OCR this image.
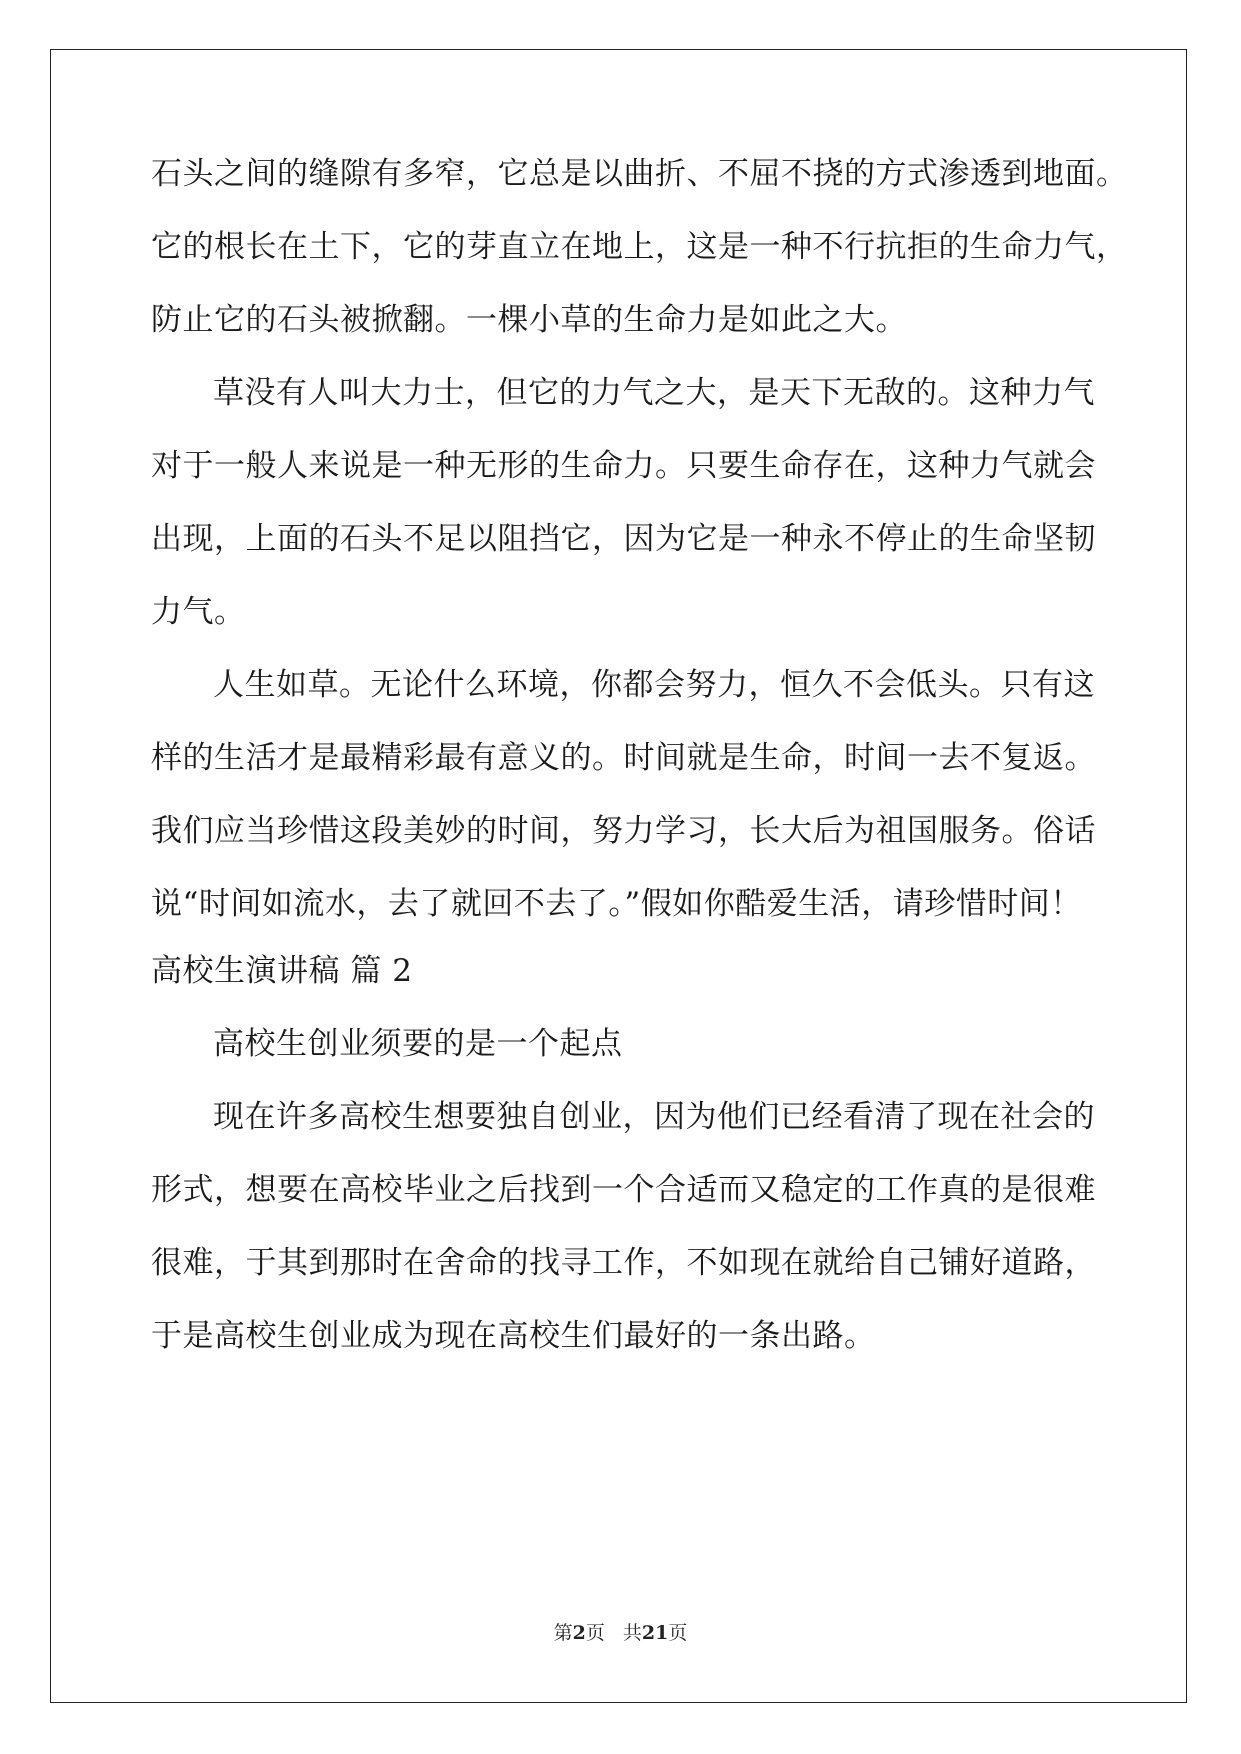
石头之间的缝隙有多窄，它总是以曲折、不屈不挠的方式渗透到地面。
它的根长在土下，它的芽直立在地上，这是一种不行抗拒的生命力气，
防止它的石头被掀翻。一棵小草的生命力是如此之大。
草没有人叫大力士，但它的力气之大，是天下无敌的。这种力气
对于一般人来说是一种无形的生命力。只要生命存在，这种力气就会
出现，上面的石头不足以阻挡它，因为它是一种永不停止的生命坚韧
力气。
人生如草。无论什么环境，你都会努力，恒久不会低头。只有这
样的生活才是最精彩最有意义的。时间就是生命，时间一去不复返。
我们应当珍惜这段美妙的时间，努力学习，长大后为祖国服务。俗话
说“时间如流水，去了就回不去了。”假如你酷爱生活，请珍惜时间！
高校生演讲稿 篇 2
高校生创业须要的是一个起点
现在许多高校生想要独自创业，因为他们已经看清了现在社会的
形式，想要在高校毕业之后找到一个合适而又稳定的工作真的是很难
很难，于其到那时在舍命的找寻工作，不如现在就给自己铺好道路，
于是高校生创业成为现在高校生们最好的一条出路。
第2页 共21页
